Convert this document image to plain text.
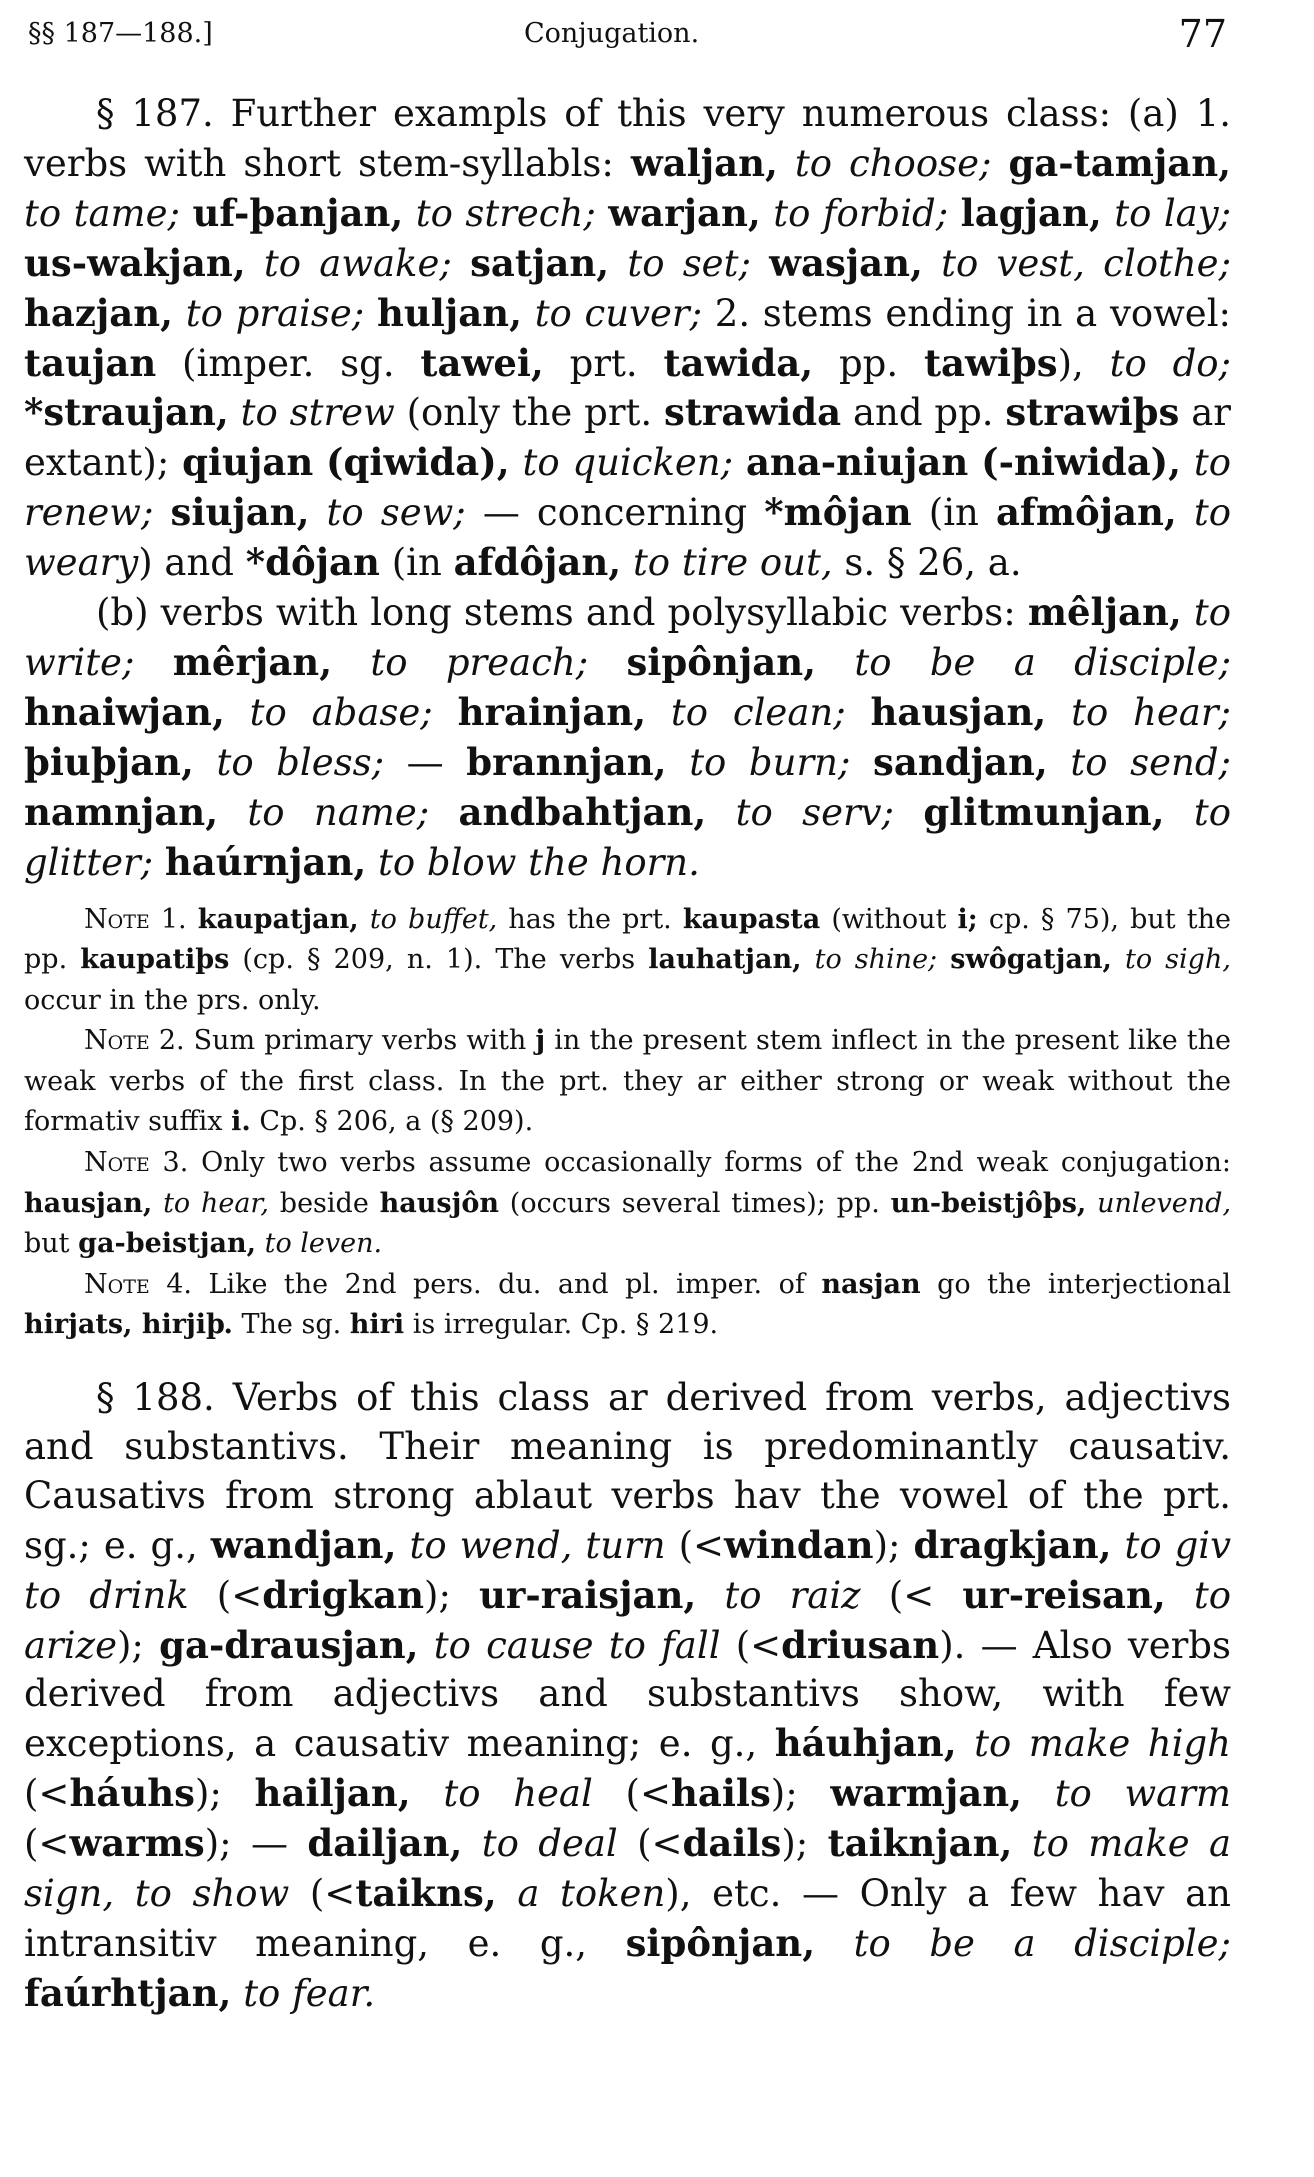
§§ 187—188.]	Conjugation.	77

§ 187. Further exampls of this very numerous class: (a) 1. verbs with short stem-syllabls: waljan, to choose; ga-tamjan, to tame; uf-þanjan, to strech; warjan, to forbid; lagjan, to lay; us-wakjan, to awake; satjan, to set; wasjan, to vest, clothe; hazjan, to praise; huljan, to cuver; 2. stems ending in a vowel: taujan (imper. sg. tawei, prt. tawida, pp. tawiþs), to do; *straujan, to strew (only the prt. strawida and pp. strawiþs ar extant); qiujan (qiwida), to quicken; ana-niujan (-niwida), to renew; siujan, to sew; — concerning *môjan (in afmôjan, to weary) and *dôjan (in afdôjan, to tire out, s. § 26, a.

(b) verbs with long stems and polysyllabic verbs: mêljan, to write; mêrjan, to preach; sipônjan, to be a disciple; hnaiwjan, to abase; hrainjan, to clean; hausjan, to hear; þiuþjan, to bless; — brannjan, to burn; sandjan, to send; namnjan, to name; andbahtjan, to serv; glitmunjan, to glitter; haúrnjan, to blow the horn.

Note 1. kaupatjan, to buffet, has the prt. kaupasta (without i; cp. § 75), but the pp. kaupatiþs (cp. § 209, n. 1). The verbs lauhatjan, to shine; swôgatjan, to sigh, occur in the prs. only.

Note 2. Sum primary verbs with j in the present stem inflect in the present like the weak verbs of the first class. In the prt. they ar either strong or weak without the formativ suffix i. Cp. § 206, a (§ 209).

Note 3. Only two verbs assume occasionally forms of the 2nd weak conjugation: hausjan, to hear, beside hausjôn (occurs several times); pp. un-beistjôþs, unlevend, but ga-beistjan, to leven.

Note 4. Like the 2nd pers. du. and pl. imper. of nasjan go the interjectional hirjats, hirjiþ. The sg. hiri is irregular. Cp. § 219.

§ 188. Verbs of this class ar derived from verbs, adjectivs and substantivs. Their meaning is predominantly causativ. Causativs from strong ablaut verbs hav the vowel of the prt. sg.; e. g., wandjan, to wend, turn (<windan); dragkjan, to giv to drink (<drigkan); ur-raisjan, to raiz (< ur-reisan, to arize); ga-drausjan, to cause to fall (<driusan). — Also verbs derived from adjectivs and substantivs show, with few exceptions, a causativ meaning; e. g., háuhjan, to make high (<háuhs); hailjan, to heal (<hails); warmjan, to warm (<warms); — dailjan, to deal (<dails); taiknjan, to make a sign, to show (<taikns, a token), etc. — Only a few hav an intransitiv meaning, e. g., sipônjan, to be a disciple; faúrhtjan, to fear.
